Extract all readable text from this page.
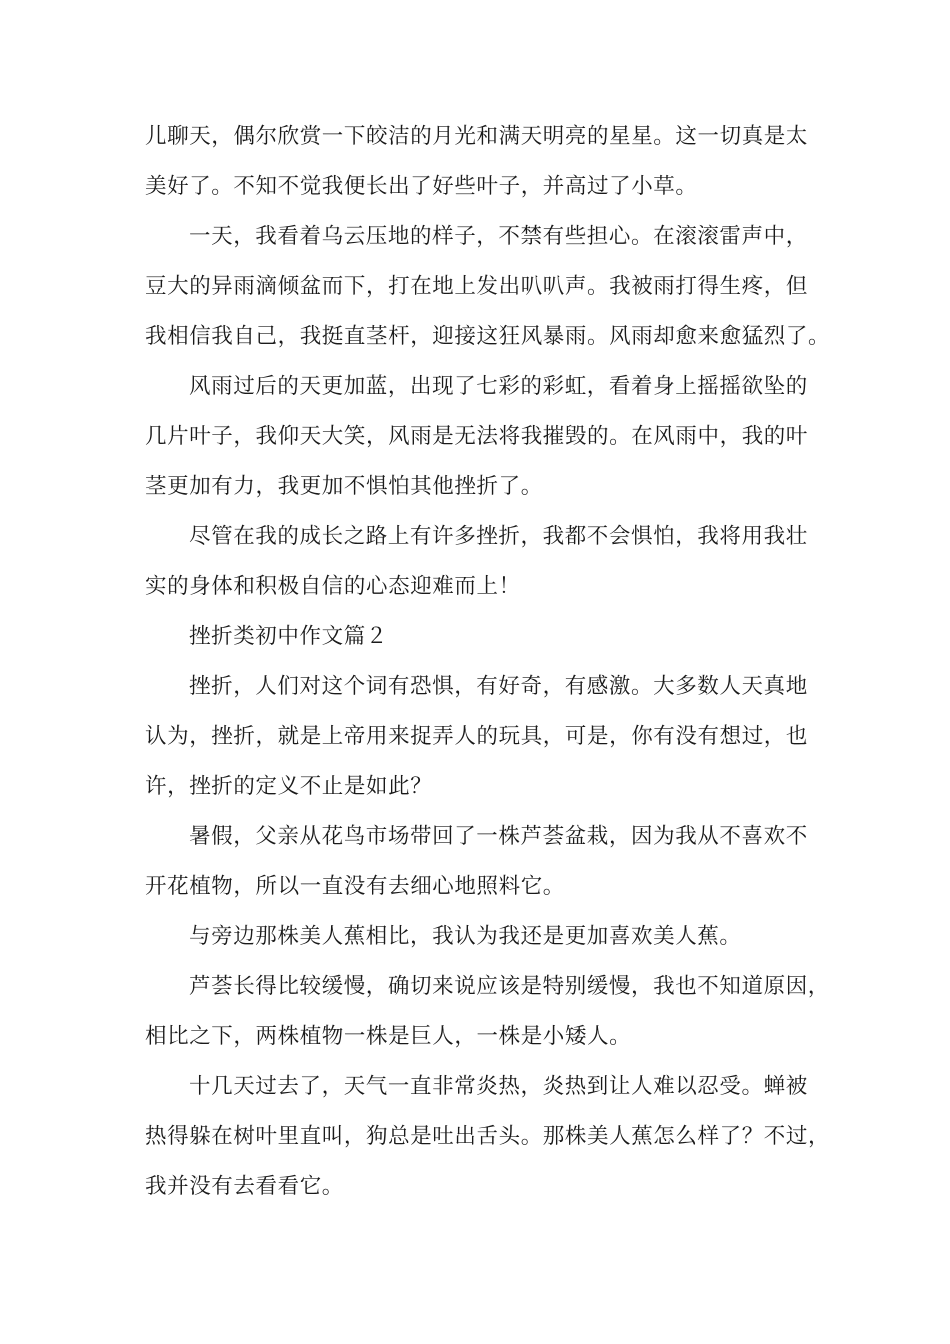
儿聊天，偶尔欣赏一下皎洁的月光和满天明亮的星星。这一切真是太
美好了。不知不觉我便长出了好些叶子，并高过了小草。
一天，我看着乌云压地的样子，不禁有些担心。在滚滚雷声中，
豆大的异雨滴倾盆而下，打在地上发出叭叭声。我被雨打得生疼，但
我相信我自己，我挺直茎杆，迎接这狂风暴雨。风雨却愈来愈猛烈了。
风雨过后的天更加蓝，出现了七彩的彩虹，看着身上摇摇欲坠的
几片叶子，我仰天大笑，风雨是无法将我摧毁的。在风雨中，我的叶
茎更加有力，我更加不惧怕其他挫折了。
尽管在我的成长之路上有许多挫折，我都不会惧怕，我将用我壮
实的身体和积极自信的心态迎难而上！
挫折类初中作文篇２
挫折，人们对这个词有恐惧，有好奇，有感激。大多数人天真地
认为，挫折，就是上帝用来捉弄人的玩具，可是，你有没有想过，也
许，挫折的定义不止是如此？
暑假，父亲从花鸟市场带回了一株芦荟盆栽，因为我从不喜欢不
开花植物，所以一直没有去细心地照料它。
与旁边那株美人蕉相比，我认为我还是更加喜欢美人蕉。
芦荟长得比较缓慢，确切来说应该是特别缓慢，我也不知道原因，
相比之下，两株植物一株是巨人，一株是小矮人。
十几天过去了，天气一直非常炎热，炎热到让人难以忍受。蝉被
热得躲在树叶里直叫，狗总是吐出舌头。那株美人蕉怎么样了？不过，
我并没有去看看它。
